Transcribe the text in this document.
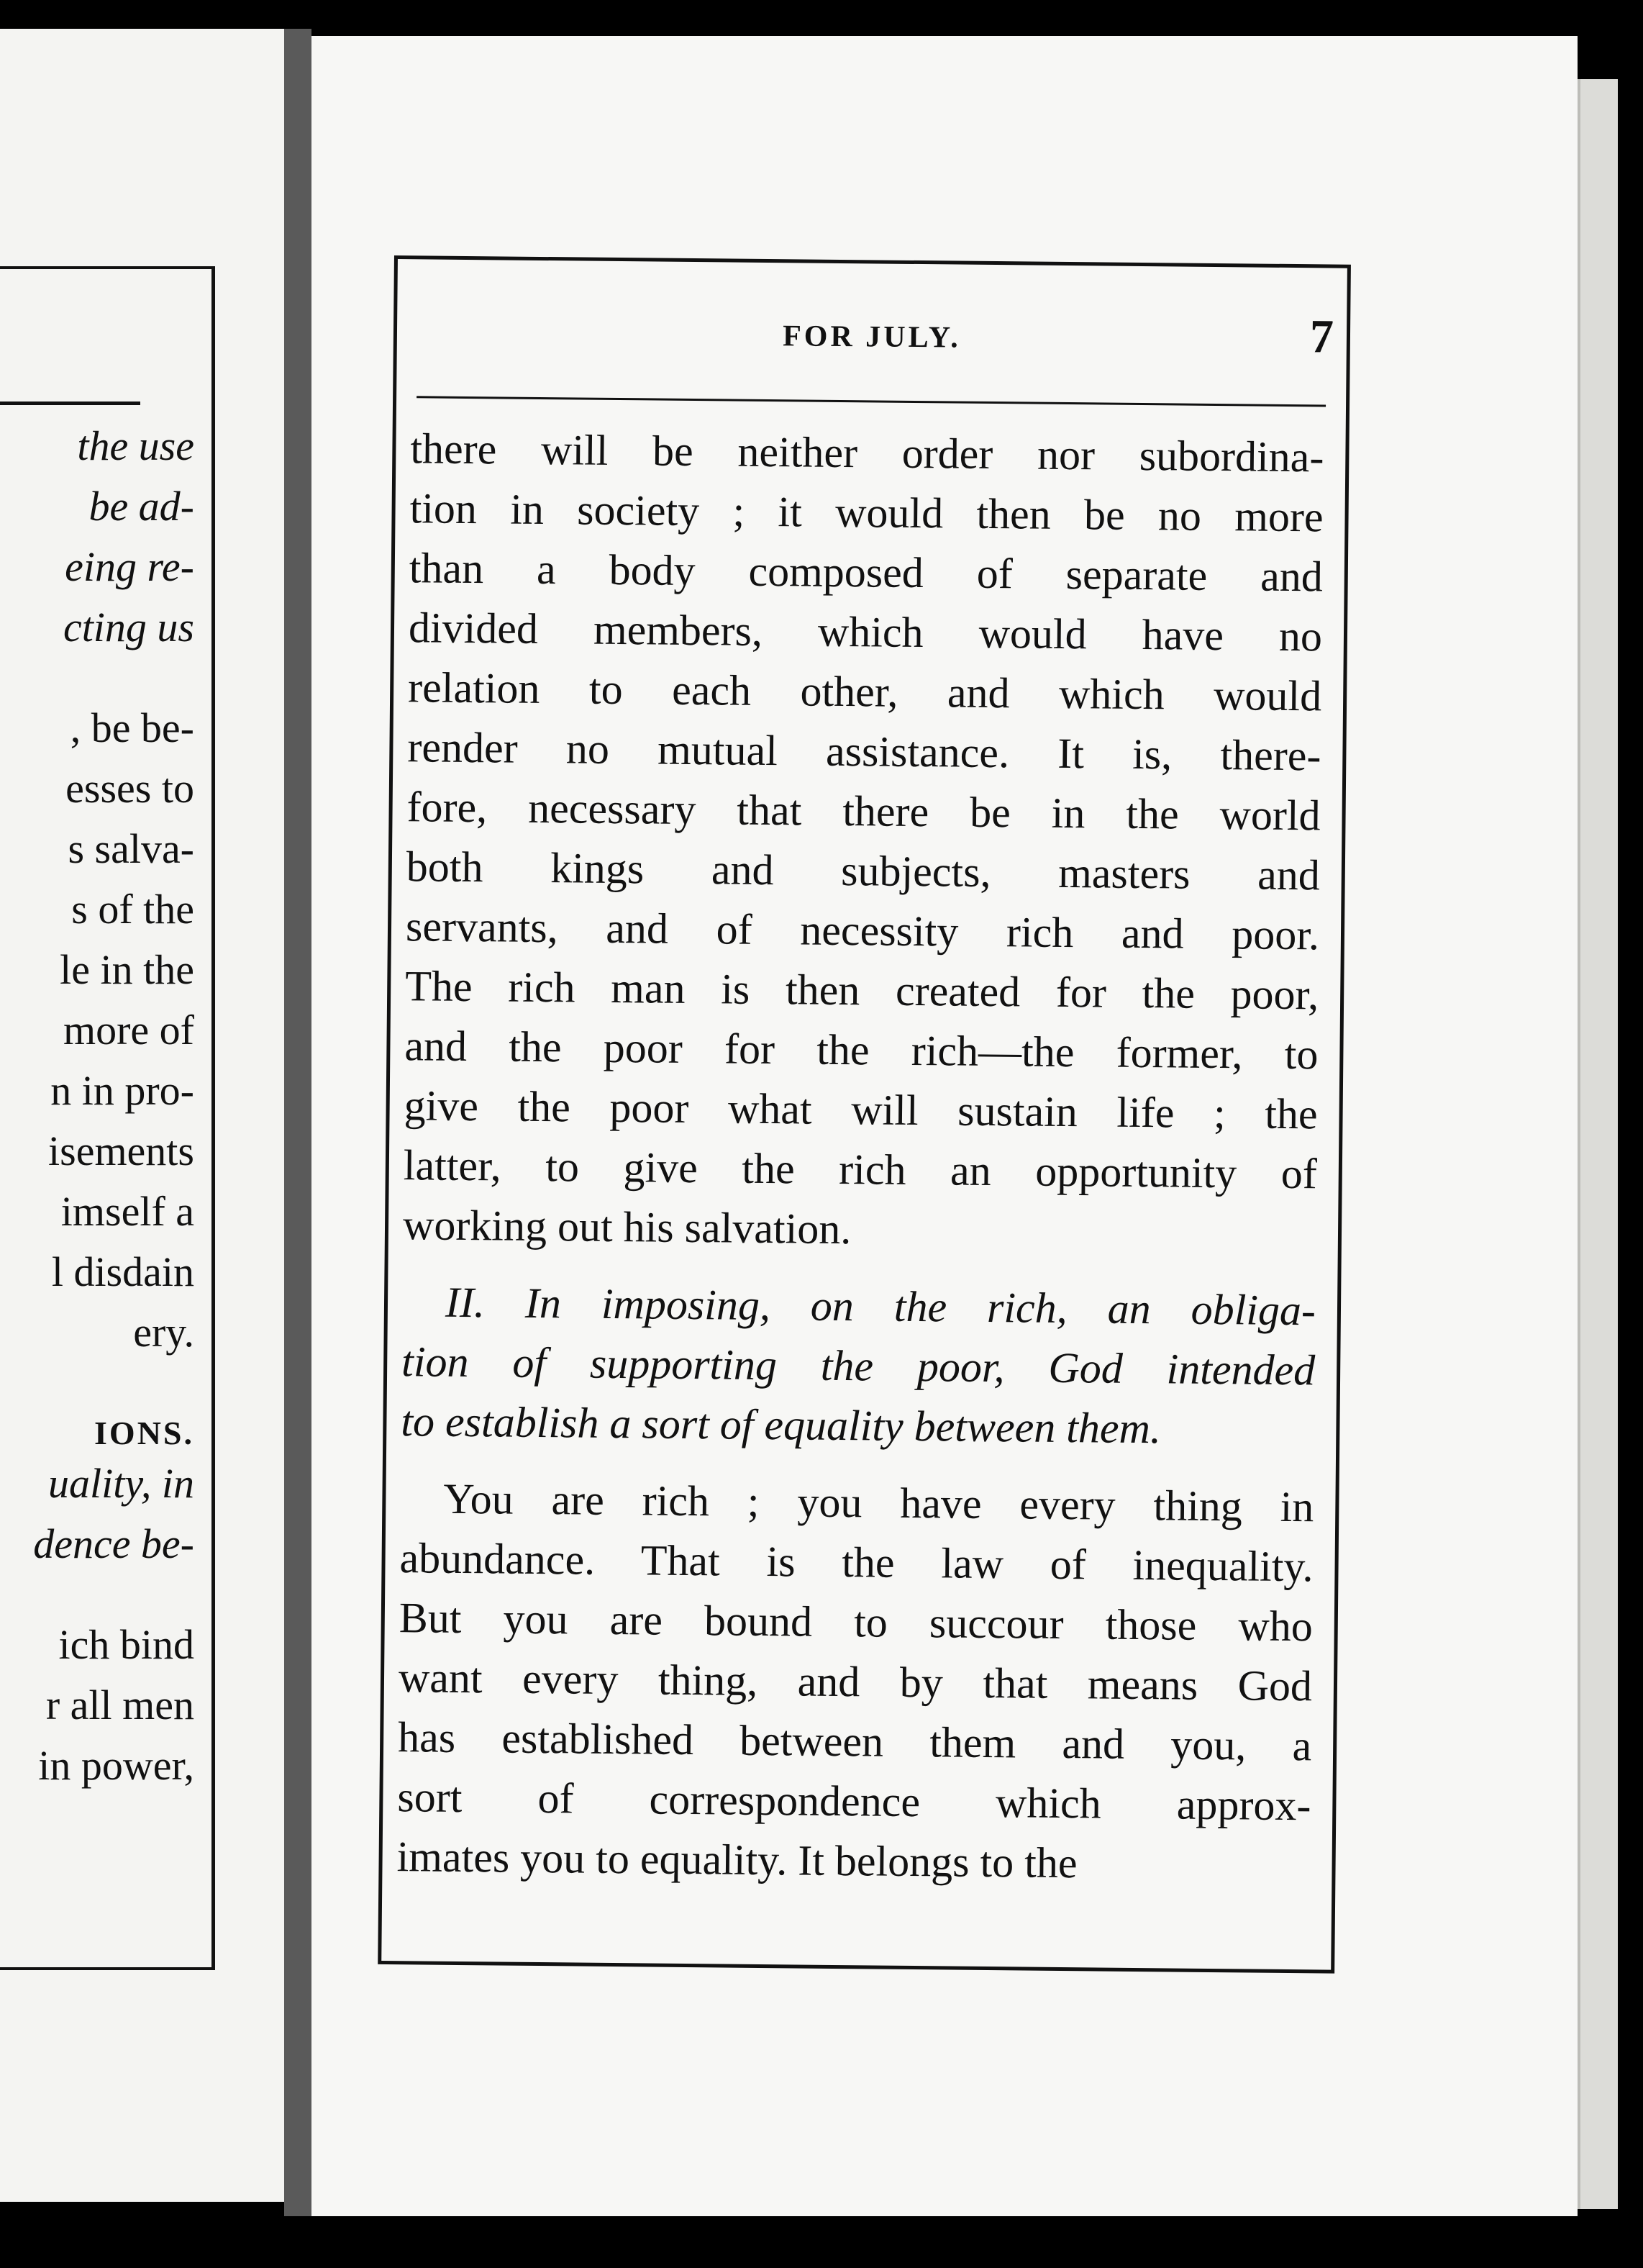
the use
be ad-
eing re-
cting us
, be be-
esses to
s salva-
s of the
le in the
more of
n in pro-
isements
imself a
l disdain
ery.
IONS.
uality, in
dence be-
ich bind
r all men
in power,
FOR JULY.	7
there will be neither order nor subordina-
tion in society ; it would then be no more
than a body composed of separate and
divided members, which would have no
relation to each other, and which would
render no mutual assistance. It is, there-
fore, necessary that there be in the world
both kings and subjects, masters and
servants, and of necessity rich and poor.
The rich man is then created for the poor,
and the poor for the rich—the former, to
give the poor what will sustain life ; the
latter, to give the rich an opportunity of
working out his salvation.
II. In imposing, on the rich, an obliga-
tion of supporting the poor, God intended
to establish a sort of equality between them.
You are rich ; you have every thing in
abundance. That is the law of inequality.
But you are bound to succour those who
want every thing, and by that means God
has established between them and you, a
sort of correspondence which approx-
imates you to equality. It belongs to the
